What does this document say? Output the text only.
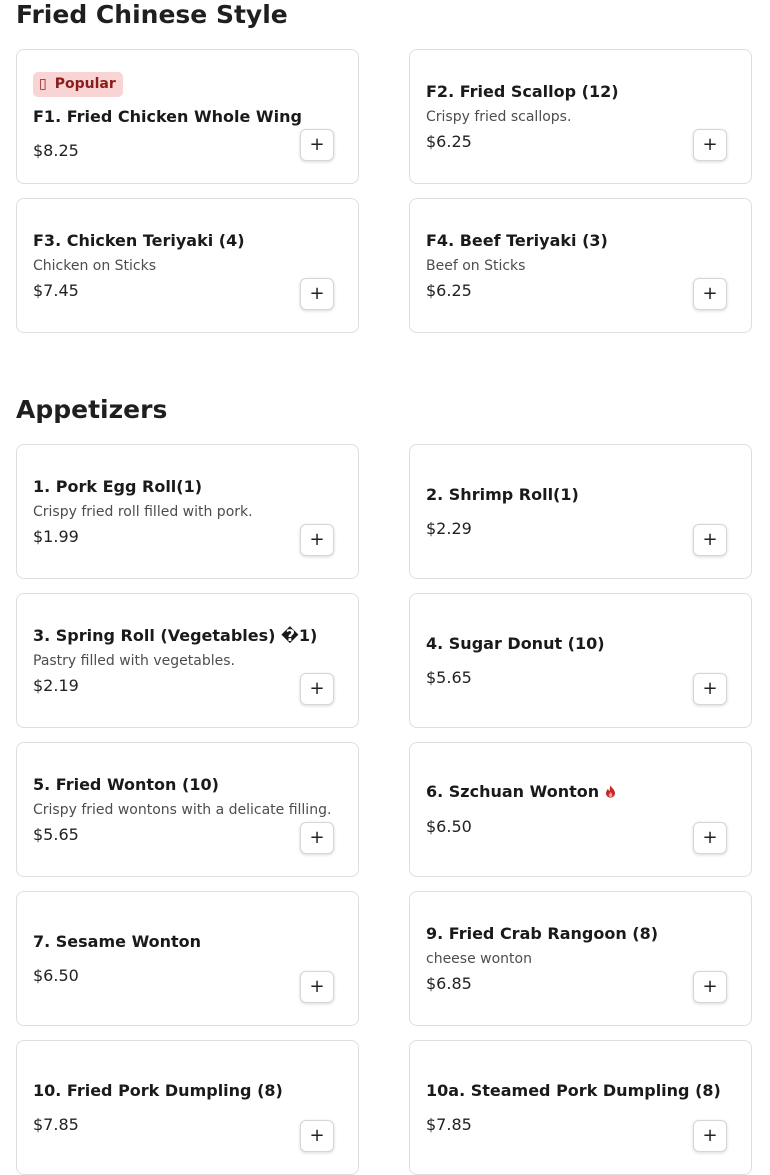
Fried Chinese Style
▯ Popular
F1. Fried Chicken Whole Wing
$8.25	+
F2. Fried Scallop (12)
Crispy fried scallops.
$6.25	+
F3. Chicken Teriyaki (4)
Chicken on Sticks
$7.45	+
F4. Beef Teriyaki (3)
Beef on Sticks
$6.25	+
Appetizers
1. Pork Egg Roll(1)
Crispy fried roll filled with pork.
$1.99	+
2. Shrimp Roll(1)
$2.29
+
3. Spring Roll (Vegetables) �1)
Pastry filled with vegetables.
$2.19	+
4. Sugar Donut (10)
$5.65
+
5. Fried Wonton (10)
Crispy fried wontons with a delicate filling.
$5.65	+
6. Szchuan Wonton
$6.50
+
7. Sesame Wonton
$6.50
+
9. Fried Crab Rangoon (8)
cheese wonton
$6.85	+
10. Fried Pork Dumpling (8)
$7.85
+
10a. Steamed Pork Dumpling (8)
$7.85
+
